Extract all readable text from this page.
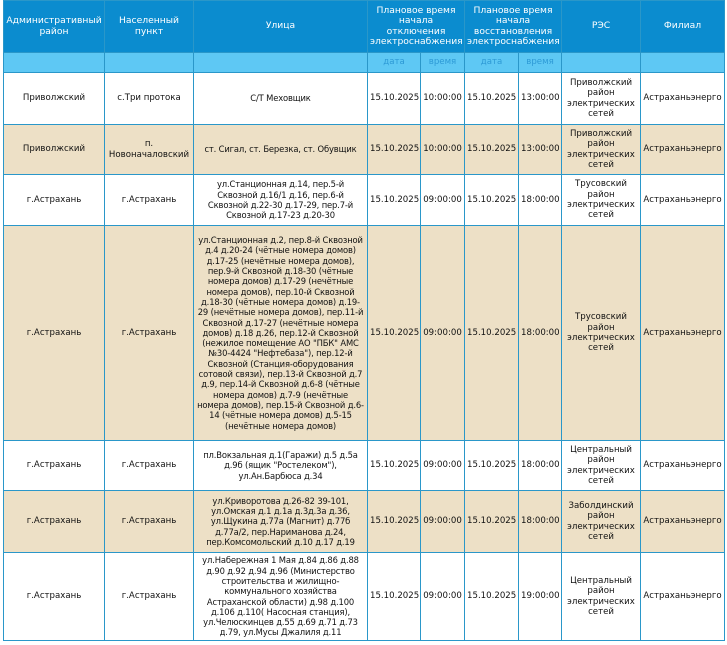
Административный район	Населенный пункт	Улица	Плановое время начала отключения электроснабжения		Плановое время начала восстановления электроснабжения		РЭС	Филиал
			дата	время	дата	время		
Приволжский	с.Три протока	С/Т Меховщик	15.10.2025	10:00:00	15.10.2025	13:00:00	Приволжский район электрических сетей	Астраханьэнерго
Приволжский	п. Новоначаловский	ст. Сигал, ст. Березка, ст. Обувщик	15.10.2025	10:00:00	15.10.2025	13:00:00	Приволжский район электрических сетей	Астраханьэнерго
г.Астрахань	г.Астрахань	ул.Станционная д.14, пер.5-й Сквозной д.16/1 д.16, пер.6-й Сквозной д.22-30 д.17-29, пер.7-й Сквозной д.17-23 д.20-30	15.10.2025	09:00:00	15.10.2025	18:00:00	Трусовский район электрических сетей	Астраханьэнерго
г.Астрахань	г.Астрахань	ул.Станционная д.2, пер.8-й Сквозной д.4 д.20-24 (чётные номера домов) д.17-25 (нечётные номера домов), пер.9-й Сквозной д.18-30 (чётные номера домов) д.17-29 (нечётные номера домов), пер.10-й Сквозной д.18-30 (чётные номера домов) д.19-29 (нечётные номера домов), пер.11-й Сквозной д.17-27 (нечётные номера домов) д.18 д.26, пер.12-й Сквозной (нежилое помещение АО "ПБК" АМС №30-4424 "Нефтебаза"), пер.12-й Сквозной (Станция-оборудования сотовой связи), пер.13-й Сквозной д.7 д.9, пер.14-й Сквозной д.6-8 (чётные номера домов) д.7-9 (нечётные номера домов), пер.15-й Сквозной д.6-14 (чётные номера домов) д.5-15 (нечётные номера домов)	15.10.2025	09:00:00	15.10.2025	18:00:00	Трусовский район электрических сетей	Астраханьэнерго
г.Астрахань	г.Астрахань	пл.Вокзальная д.1(Гаражи) д.5 д.5а д.9б (ящик "Ростелеком"), ул.Ан.Барбюса д.34	15.10.2025	09:00:00	15.10.2025	18:00:00	Центральный район электрических сетей	Астраханьэнерго
г.Астрахань	г.Астрахань	ул.Криворотова д.26-82 39-101, ул.Омская д.1 д.1а д.3д.3а д.36, ул.Щукина д.77а (Магнит) д.77б д.77а/2, пер.Нариманова д.24, пер.Комсомольский д.10 д.17 д.19	15.10.2025	09:00:00	15.10.2025	18:00:00	Заболдинский район электрических сетей	Астраханьэнерго
г.Астрахань	г.Астрахань	ул.Набережная 1 Мая д.84 д.86 д.88 д.90 д.92 д.94 д.96 (Министерство строительства и жилищно-коммунального хозяйства Астраханской области) д.98 д.100 д.106 д.110( Насосная станция), ул.Челюскинцев д.55 д.69 д.71 д.73 д.79, ул.Мусы Джалиля д.11	15.10.2025	09:00:00	15.10.2025	19:00:00	Центральный район электрических сетей	Астраханьэнерго
